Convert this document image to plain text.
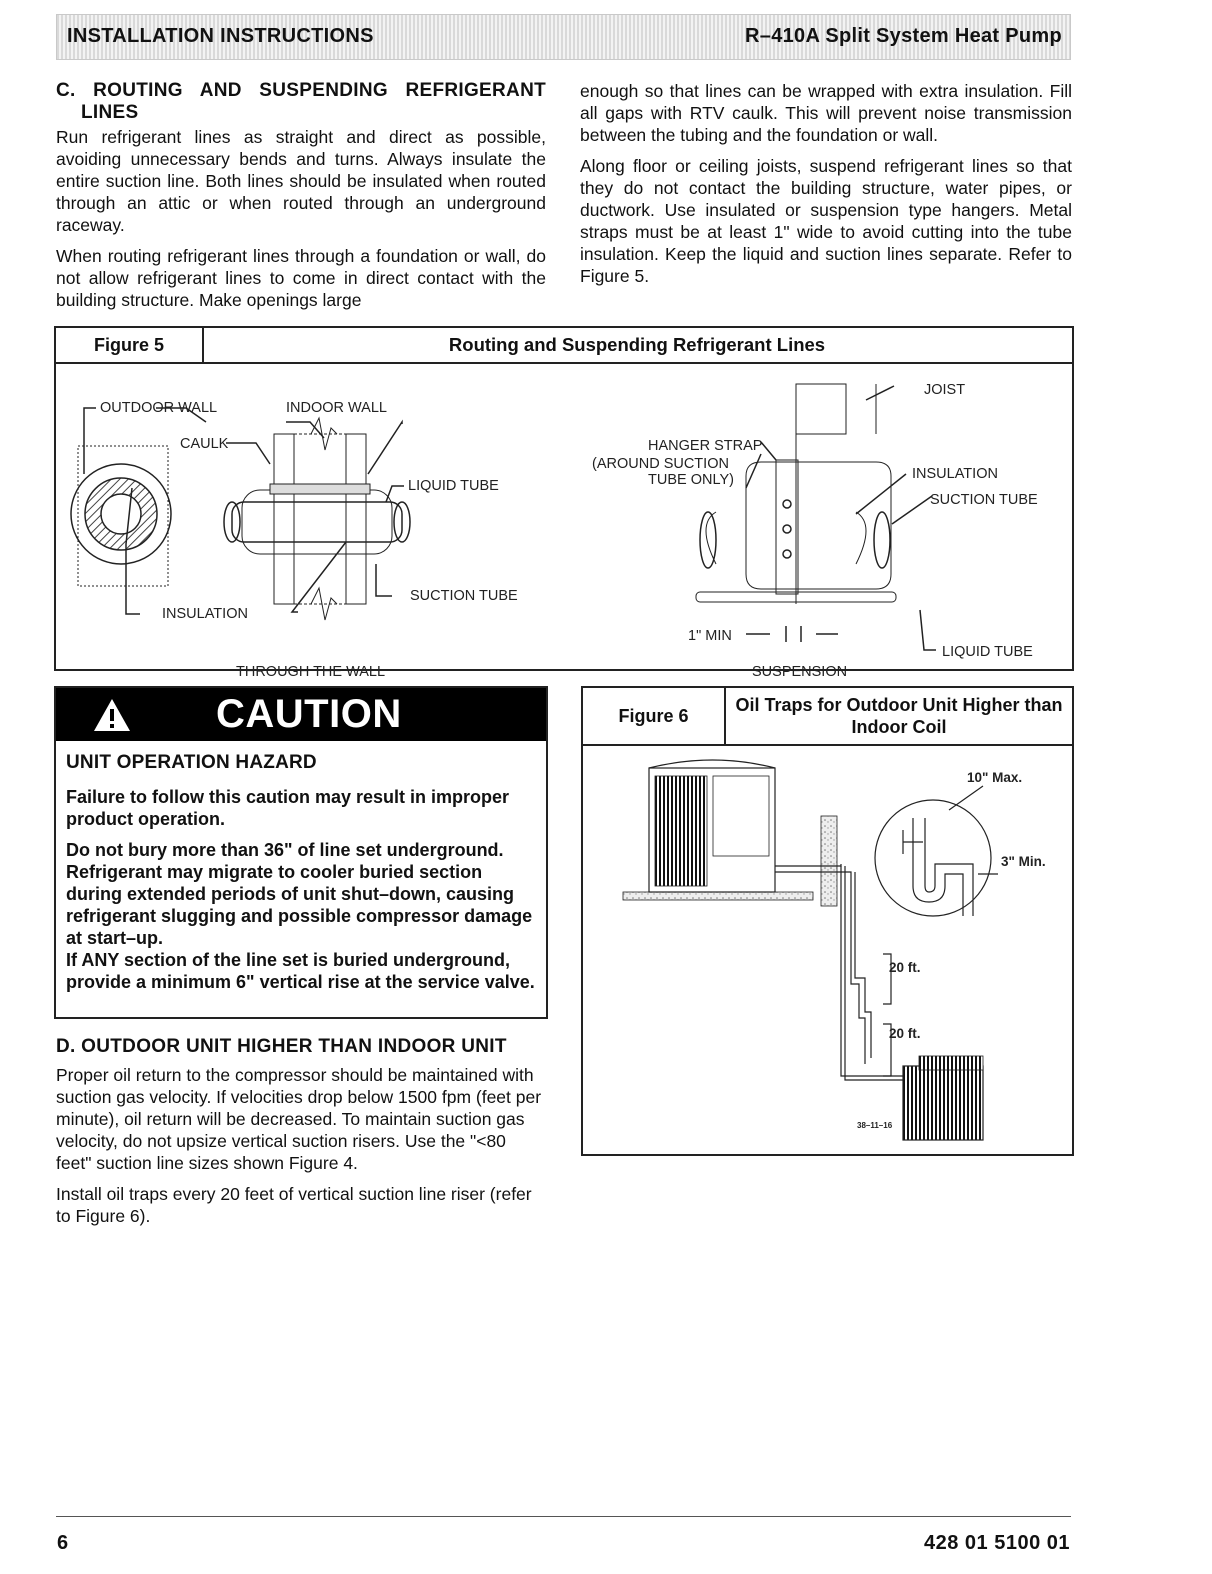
INSTALLATION INSTRUCTIONS	R–410A Split System Heat Pump
C. ROUTING AND SUSPENDING REFRIGERANT
LINES

Run refrigerant lines as straight and direct as possible, avoiding unnecessary bends and turns. Always insulate the entire suction line. Both lines should be insulated when routed through an attic or when routed through an underground raceway.

When routing refrigerant lines through a foundation or wall, do not allow refrigerant lines to come in direct contact with the building structure. Make openings large

enough so that lines can be wrapped with extra insulation. Fill all gaps with RTV caulk. This will prevent noise transmission between the tubing and the foundation or wall.

Along floor or ceiling joists, suspend refrigerant lines so that they do not contact the building structure, water pipes, or ductwork. Use insulated or suspension type hangers. Metal straps must be at least 1" wide to avoid cutting into the tube insulation. Keep the liquid and suction lines separate. Refer to Figure 5.

Figure 5	Routing and Suspending Refrigerant Lines
OUTDOOR WALL	INDOOR WALL
CAULK
LIQUID TUBE
SUCTION TUBE
INSULATION
THROUGH THE WALL
HANGER STRAP
(AROUND SUCTION
TUBE ONLY)
JOIST
INSULATION
SUCTION TUBE
1" MIN
LIQUID TUBE
SUSPENSION
CAUTION
UNIT OPERATION HAZARD

Failure to follow this caution may result in improper product operation.

Do not bury more than 36" of line set underground. Refrigerant may migrate to cooler buried section during extended periods of unit shut–down, causing refrigerant slugging and possible compressor damage at start–up.

If ANY section of the line set is buried underground, provide a minimum 6" vertical rise at the service valve.

D. OUTDOOR UNIT HIGHER THAN INDOOR UNIT

Proper oil return to the compressor should be maintained with suction gas velocity. If velocities drop below 1500 fpm (feet per minute), oil return will be decreased. To maintain suction gas velocity, do not upsize vertical suction risers. Use the "<80 feet" suction line sizes shown Figure 4.

Install oil traps every 20 feet of vertical suction line riser (refer to Figure 6).

Figure 6
Oil Traps for Outdoor Unit Higher than Indoor Coil
10" Max.
3" Min.
20 ft.
20 ft.
38–11–16
6	428 01 5100 01
